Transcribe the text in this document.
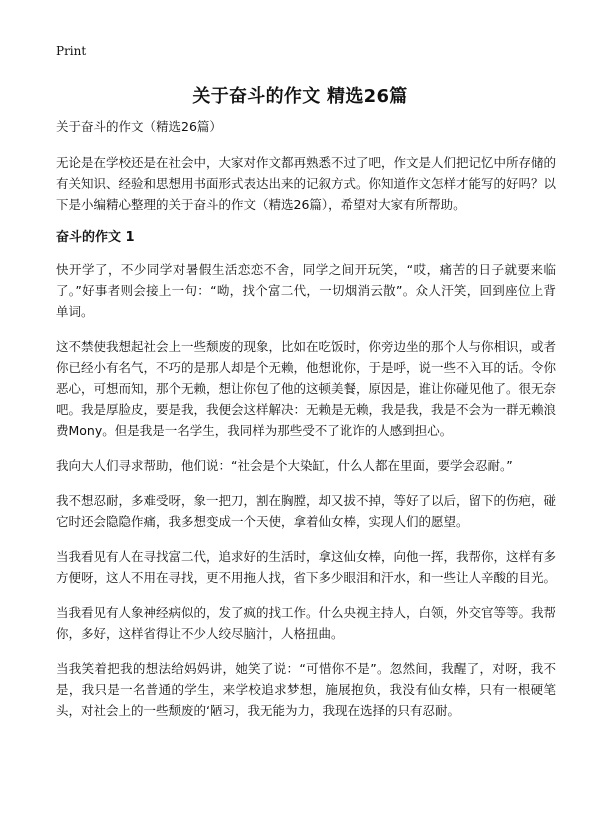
Print
关于奋斗的作文 精选26篇
关于奋斗的作文（精选26篇）

无论是在学校还是在社会中，大家对作文都再熟悉不过了吧，作文是人们把记忆中所存储的有关知识、经验和思想用书面形式表达出来的记叙方式。你知道作文怎样才能写的好吗？以下是小编精心整理的关于奋斗的作文（精选26篇），希望对大家有所帮助。

奋斗的作文 1

快开学了，不少同学对暑假生活恋恋不舍，同学之间开玩笑，“哎，痛苦的日子就要来临了。”好事者则会接上一句：“呦，找个富二代，一切烟消云散”。众人汗笑，回到座位上背单词。

这不禁使我想起社会上一些颓废的现象，比如在吃饭时，你旁边坐的那个人与你相识，或者你已经小有名气，不巧的是那人却是个无赖，他想讹你，于是呼，说一些不入耳的话。令你恶心，可想而知，那个无赖，想让你包了他的这顿美餐，原因是，谁让你碰见他了。很无奈吧。我是厚脸皮，要是我，我便会这样解决：无赖是无赖，我是我，我是不会为一群无赖浪费Mony。但是我是一名学生，我同样为那些受不了讹诈的人感到担心。

我向大人们寻求帮助，他们说：“社会是个大染缸，什么人都在里面，要学会忍耐。”

我不想忍耐，多难受呀，象一把刀，割在胸膛，却又拔不掉，等好了以后，留下的伤疤，碰它时还会隐隐作痛，我多想变成一个天使，拿着仙女棒，实现人们的愿望。

当我看见有人在寻找富二代，追求好的生活时，拿这仙女棒，向他一挥，我帮你，这样有多方便呀，这人不用在寻找，更不用拖人找，省下多少眼泪和汗水，和一些让人辛酸的目光。

当我看见有人象神经病似的，发了疯的找工作。什么央视主持人，白领，外交官等等。我帮你，多好，这样省得让不少人绞尽脑汁，人格扭曲。

当我笑着把我的想法给妈妈讲，她笑了说：“可惜你不是”。忽然间，我醒了，对呀，我不是，我只是一名普通的学生，来学校追求梦想，施展抱负，我没有仙女棒，只有一根硬笔头，对社会上的一些颓废的‘陋习，我无能为力，我现在选择的只有忍耐。
